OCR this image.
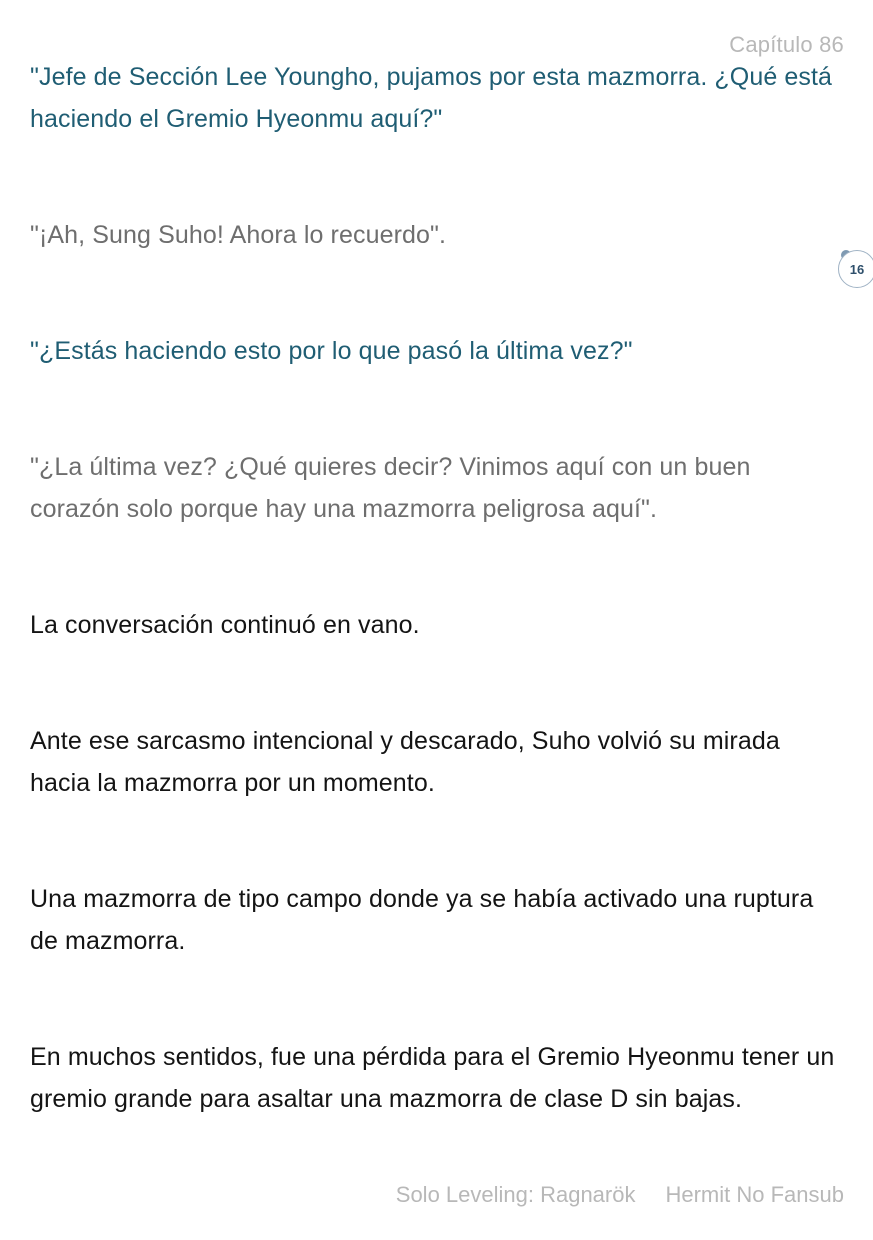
Capítulo 86
16

"Jefe de Sección Lee Youngho, pujamos por esta mazmorra. ¿Qué está haciendo el Gremio Hyeonmu aquí?"

"¡Ah, Sung Suho! Ahora lo recuerdo".

"¿Estás haciendo esto por lo que pasó la última vez?"

"¿La última vez? ¿Qué quieres decir? Vinimos aquí con un buen corazón solo porque hay una mazmorra peligrosa aquí".

La conversación continuó en vano.

Ante ese sarcasmo intencional y descarado, Suho volvió su mirada hacia la mazmorra por un momento.

Una mazmorra de tipo campo donde ya se había activado una ruptura de mazmorra.

En muchos sentidos, fue una pérdida para el Gremio Hyeonmu tener un gremio grande para asaltar una mazmorra de clase D sin bajas.

Solo Leveling: Ragnarök Hermit No Fansub
